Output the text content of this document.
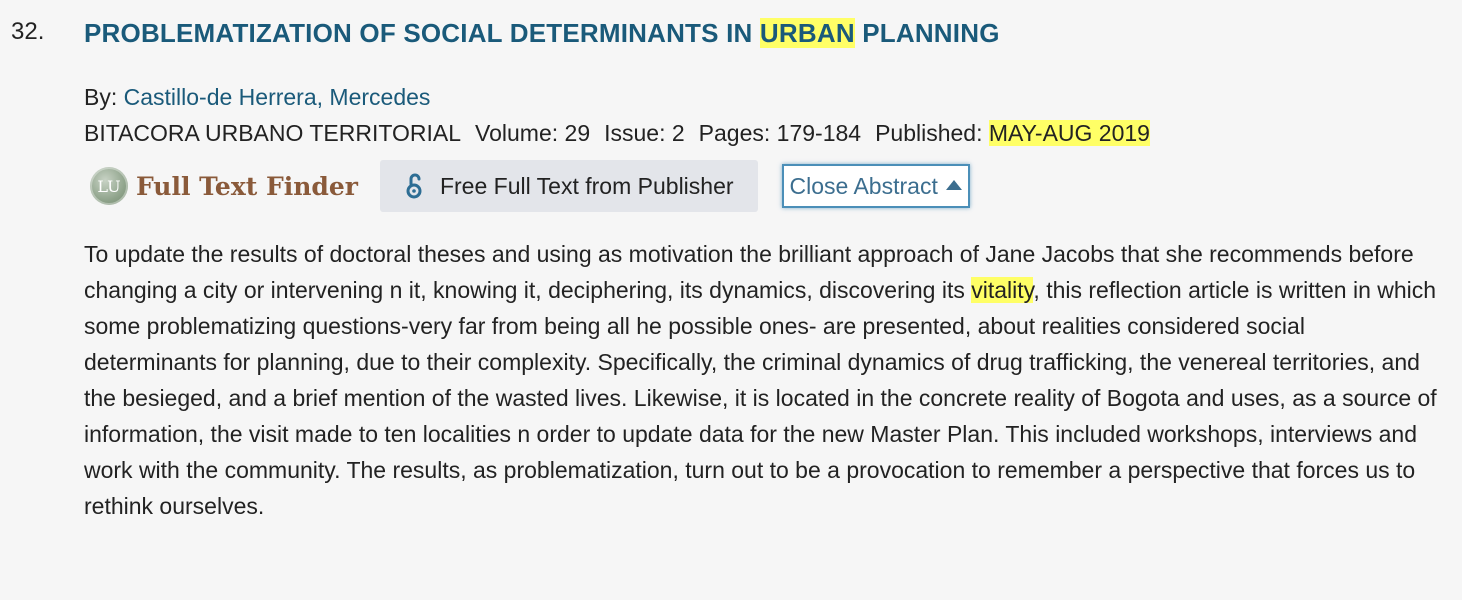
32. PROBLEMATIZATION OF SOCIAL DETERMINANTS IN URBAN PLANNING
By: Castillo-de Herrera, Mercedes
BITACORA URBANO TERRITORIAL Volume: 29 Issue: 2 Pages: 179-184 Published: MAY-AUG 2019
LU Full Text Finder	Free Full Text from Publisher Close Abstract

To update the results of doctoral theses and using as motivation the brilliant approach of Jane Jacobs that she recommends before changing a city or intervening n it, knowing it, deciphering, its dynamics, discovering its vitality, this reflection article is written in which some problematizing questions-very far from being all he possible ones- are presented, about realities considered social determinants for planning, due to their complexity. Specifically, the criminal dynamics of drug trafficking, the venereal territories, and the besieged, and a brief mention of the wasted lives. Likewise, it is located in the concrete reality of Bogota and uses, as a source of information, the visit made to ten localities n order to update data for the new Master Plan. This included workshops, interviews and work with the community. The results, as problematization, turn out to be a provocation to remember a perspective that forces us to rethink ourselves.
